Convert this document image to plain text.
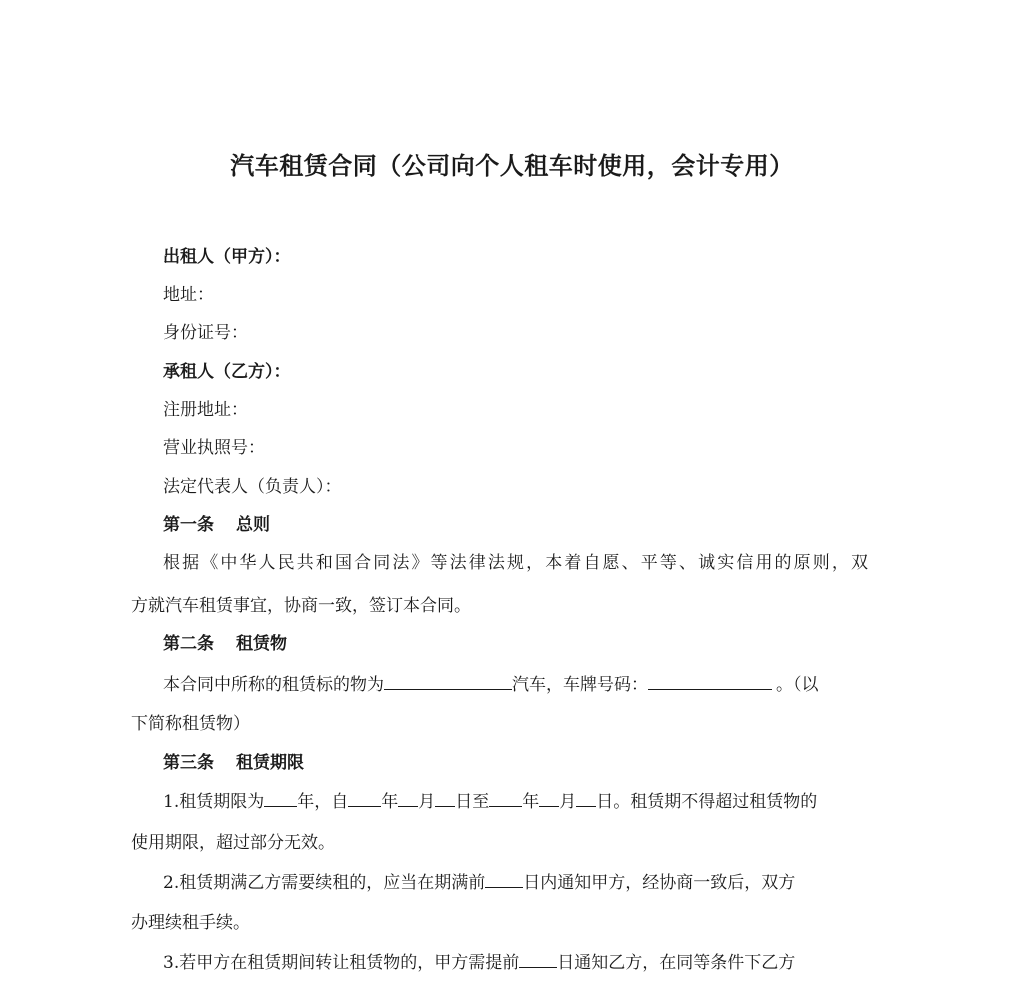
汽车租赁合同（公司向个人租车时使用，会计专用）
出租人（甲方）：
地址：
身份证号：
承租人（乙方）：
注册地址：
营业执照号：
法定代表人（负责人）：
第一条 总则
根据《中华人民共和国合同法》等法律法规，本着自愿、平等、诚实信用的原则，双
方就汽车租赁事宜，协商一致，签订本合同。
第二条 租赁物
本合同中所称的租赁标的物为	汽车，车牌号码：	。（以
下简称租赁物）
第三条 租赁期限
1.租赁期限为 年，自 年 月 日至 年 月 日。租赁期不得超过租赁物的
使用期限，超过部分无效。
2.租赁期满乙方需要续租的，应当在期满前 日内通知甲方，经协商一致后，双方
办理续租手续。
3.若甲方在租赁期间转让租赁物的，甲方需提前 日通知乙方，在同等条件下乙方
